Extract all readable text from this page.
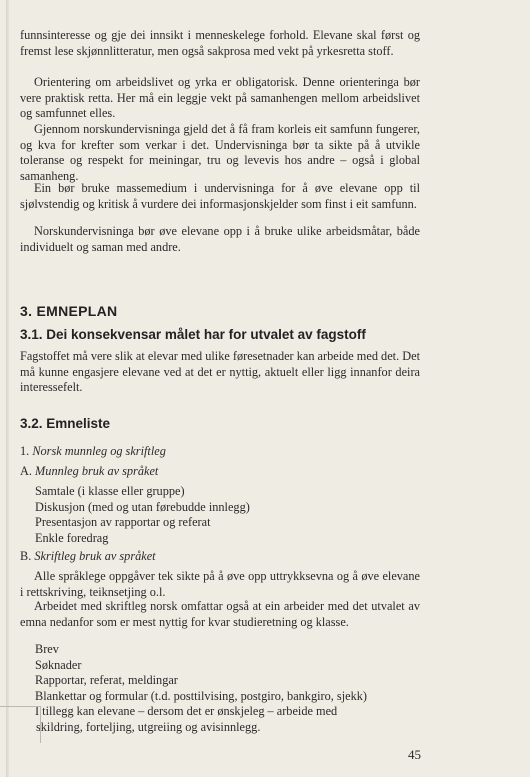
funnsinteresse og gje dei innsikt i menneskelege forhold. Elevane skal først og fremst lese skjønnlitteratur, men også sakprosa med vekt på yrkesretta stoff.

Orientering om arbeidslivet og yrka er obligatorisk. Denne orienteringa bør vere praktisk retta. Her må ein leggje vekt på samanhengen mellom arbeidslivet og samfunnet elles.

Gjennom norskundervisninga gjeld det å få fram korleis eit samfunn fungerer, og kva for krefter som verkar i det. Undervisninga bør ta sikte på å utvikle toleranse og respekt for meiningar, tru og levevis hos andre – også i global samanheng.

Ein bør bruke massemedium i undervisninga for å øve elevane opp til sjølvstendig og kritisk å vurdere dei informasjonskjelder som finst i eit samfunn.

Norskundervisninga bør øve elevane opp i å bruke ulike arbeidsmåtar, både individuelt og saman med andre.

3. EMNEPLAN
3.1. Dei konsekvensar målet har for utvalet av fagstoff

Fagstoffet må vere slik at elevar med ulike føresetnader kan arbeide med det. Det må kunne engasjere elevane ved at det er nyttig, aktuelt eller ligg innanfor deira interessefelt.

3.2. Emneliste

1. Norsk munnleg og skriftleg

A. Munnleg bruk av språket

Samtale (i klasse eller gruppe)
Diskusjon (med og utan førebudde innlegg)
Presentasjon av rapportar og referat
Enkle foredrag

B. Skriftleg bruk av språket

Alle språklege oppgåver tek sikte på å øve opp uttrykksevna og å øve elevane i rettskriving, teiknsetjing o.l.

Arbeidet med skriftleg norsk omfattar også at ein arbeider med det utvalet av emna nedanfor som er mest nyttig for kvar studieretning og klasse.

Brev
Søknader
Rapportar, referat, meldingar
Blankettar og formular (t.d. posttilvising, postgiro, bankgiro, sjekk)
I tillegg kan elevane – dersom det er ønskjeleg – arbeide med
skildring, forteljing, utgreiing og avisinnlegg.

45
